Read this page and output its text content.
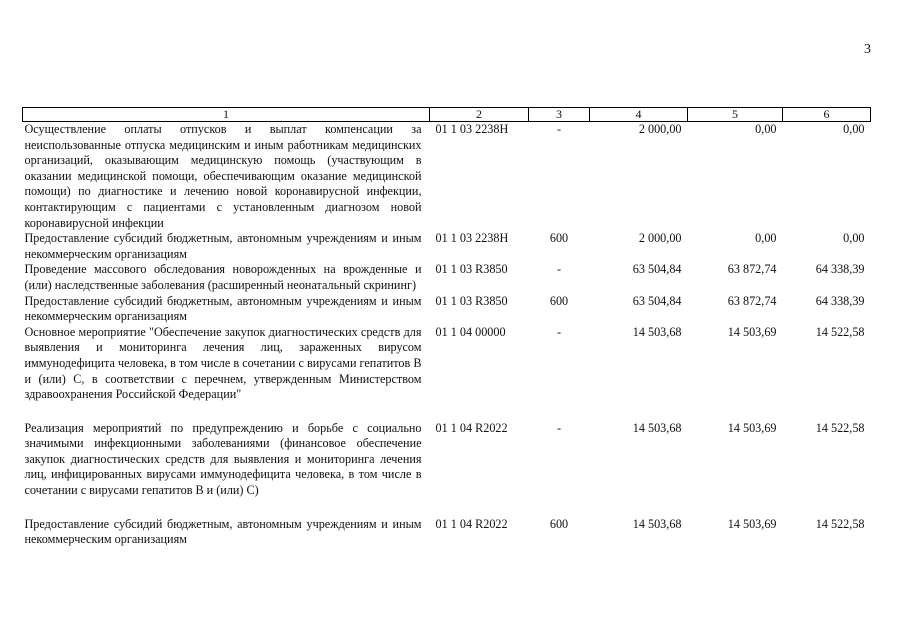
3
1	2	3	4	5	6
Осуществление оплаты отпусков и выплат компенсации за неиспользованные отпуска медицинским и иным работникам медицинских организаций, оказывающим медицинскую помощь (участвующим в оказании медицинской помощи, обеспечивающим оказание медицинской помощи) по диагностике и лечению новой коронавирусной инфекции, контактирующим с пациентами с установленным диагнозом новой коронавирусной инфекции	01 1 03 2238Н	-	2 000,00	0,00	0,00
Предоставление субсидий бюджетным, автономным учреждениям и иным некоммерческим организациям	01 1 03 2238Н	600	2 000,00	0,00	0,00
Проведение массового обследования новорожденных на врожденные и (или) наследственные заболевания (расширенный неонатальный скрининг)	01 1 03 R3850	-	63 504,84	63 872,74	64 338,39
Предоставление субсидий бюджетным, автономным учреждениям и иным некоммерческим организациям	01 1 03 R3850	600	63 504,84	63 872,74	64 338,39
Основное мероприятие "Обеспечение закупок диагностических средств для выявления и мониторинга лечения лиц, зараженных вирусом иммунодефицита человека, в том числе в сочетании с вирусами гепатитов B и (или) C, в соответствии с перечнем, утвержденным Министерством здравоохранения Российской Федерации"	01 1 04 00000	-	14 503,68	14 503,69	14 522,58
Реализация мероприятий по предупреждению и борьбе с социально значимыми инфекционными заболеваниями (финансовое обеспечение закупок диагностических средств для выявления и мониторинга лечения лиц, инфицированных вирусами иммунодефицита человека, в том числе в сочетании с вирусами гепатитов B и (или) C)	01 1 04 R2022	-	14 503,68	14 503,69	14 522,58
Предоставление субсидий бюджетным, автономным учреждениям и иным некоммерческим организациям	01 1 04 R2022	600	14 503,68	14 503,69	14 522,58
